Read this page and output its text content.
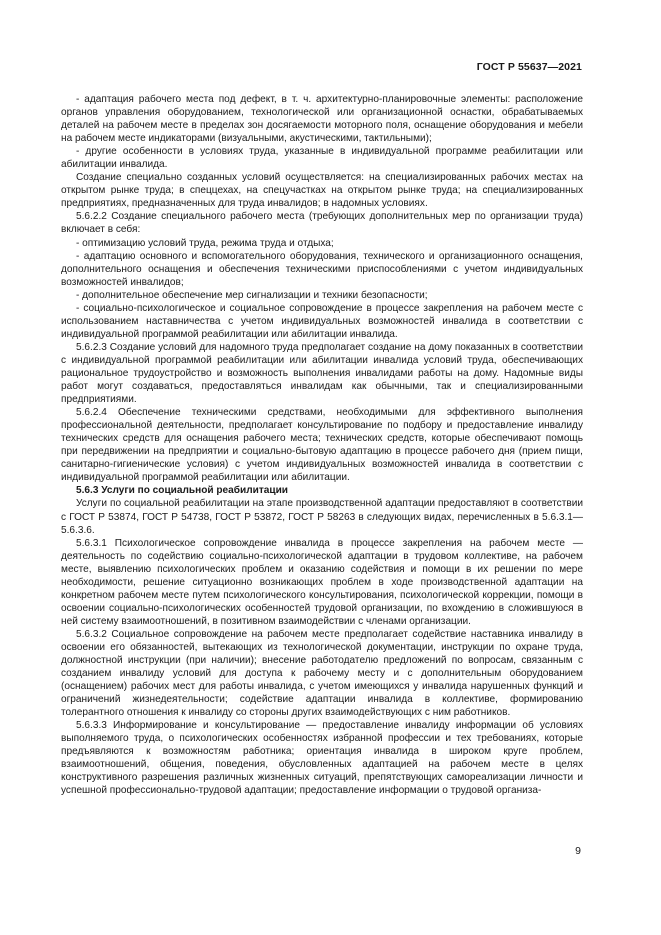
ГОСТ Р 55637—2021

- адаптация рабочего места под дефект, в т. ч. архитектурно-планировочные элементы: расположение органов управления оборудованием, технологической или организационной оснастки, обрабатываемых деталей на рабочем месте в пределах зон досягаемости моторного поля, оснащение оборудования и мебели на рабочем месте индикаторами (визуальными, акустическими, тактильными);

- другие особенности в условиях труда, указанные в индивидуальной программе реабилитации или абилитации инвалида.

Создание специально созданных условий осуществляется: на специализированных рабочих местах на открытом рынке труда; в спеццехах, на спецучастках на открытом рынке труда; на специализированных предприятиях, предназначенных для труда инвалидов; в надомных условиях.

5.6.2.2 Создание специального рабочего места (требующих дополнительных мер по организации труда) включает в себя:

- оптимизацию условий труда, режима труда и отдыха;

- адаптацию основного и вспомогательного оборудования, технического и организационного оснащения, дополнительного оснащения и обеспечения техническими приспособлениями с учетом индивидуальных возможностей инвалидов;

- дополнительное обеспечение мер сигнализации и техники безопасности;

- социально-психологическое и социальное сопровождение в процессе закрепления на рабочем месте с использованием наставничества с учетом индивидуальных возможностей инвалида в соответствии с индивидуальной программой реабилитации или абилитации инвалида.

5.6.2.3 Создание условий для надомного труда предполагает создание на дому показанных в соответствии с индивидуальной программой реабилитации или абилитации инвалида условий труда, обеспечивающих рациональное трудоустройство и возможность выполнения инвалидами работы на дому. Надомные виды работ могут создаваться, предоставляться инвалидам как обычными, так и специализированными предприятиями.

5.6.2.4 Обеспечение техническими средствами, необходимыми для эффективного выполнения профессиональной деятельности, предполагает консультирование по подбору и предоставление инвалиду технических средств для оснащения рабочего места; технических средств, которые обеспечивают помощь при передвижении на предприятии и социально-бытовую адаптацию в процессе рабочего дня (прием пищи, санитарно-гигиенические условия) с учетом индивидуальных возможностей инвалида в соответствии с индивидуальной программой реабилитации или абилитации.

5.6.3 Услуги по социальной реабилитации

Услуги по социальной реабилитации на этапе производственной адаптации предоставляют в соответствии с ГОСТ Р 53874, ГОСТ Р 54738, ГОСТ Р 53872, ГОСТ Р 58263 в следующих видах, перечисленных в 5.6.3.1—5.6.3.6.

5.6.3.1 Психологическое сопровождение инвалида в процессе закрепления на рабочем месте — деятельность по содействию социально-психологической адаптации в трудовом коллективе, на рабочем месте, выявлению психологических проблем и оказанию содействия и помощи в их решении по мере необходимости, решение ситуационно возникающих проблем в ходе производственной адаптации на конкретном рабочем месте путем психологического консультирования, психологической коррекции, помощи в освоении социально-психологических особенностей трудовой организации, по вхождению в сложившуюся в ней систему взаимоотношений, в позитивном взаимодействии с членами организации.

5.6.3.2 Социальное сопровождение на рабочем месте предполагает содействие наставника инвалиду в освоении его обязанностей, вытекающих из технологической документации, инструкции по охране труда, должностной инструкции (при наличии); внесение работодателю предложений по вопросам, связанным с созданием инвалиду условий для доступа к рабочему месту и с дополнительным оборудованием (оснащением) рабочих мест для работы инвалида, с учетом имеющихся у инвалида нарушенных функций и ограничений жизнедеятельности; содействие адаптации инвалида в коллективе, формированию толерантного отношения к инвалиду со стороны других взаимодействующих с ним работников.

5.6.3.3 Информирование и консультирование — предоставление инвалиду информации об условиях выполняемого труда, о психологических особенностях избранной профессии и тех требованиях, которые предъявляются к возможностям работника; ориентация инвалида в широком круге проблем, взаимоотношений, общения, поведения, обусловленных адаптацией на рабочем месте в целях конструктивного разрешения различных жизненных ситуаций, препятствующих самореализации личности и успешной профессионально-трудовой адаптации; предоставление информации о трудовой организа-

9
